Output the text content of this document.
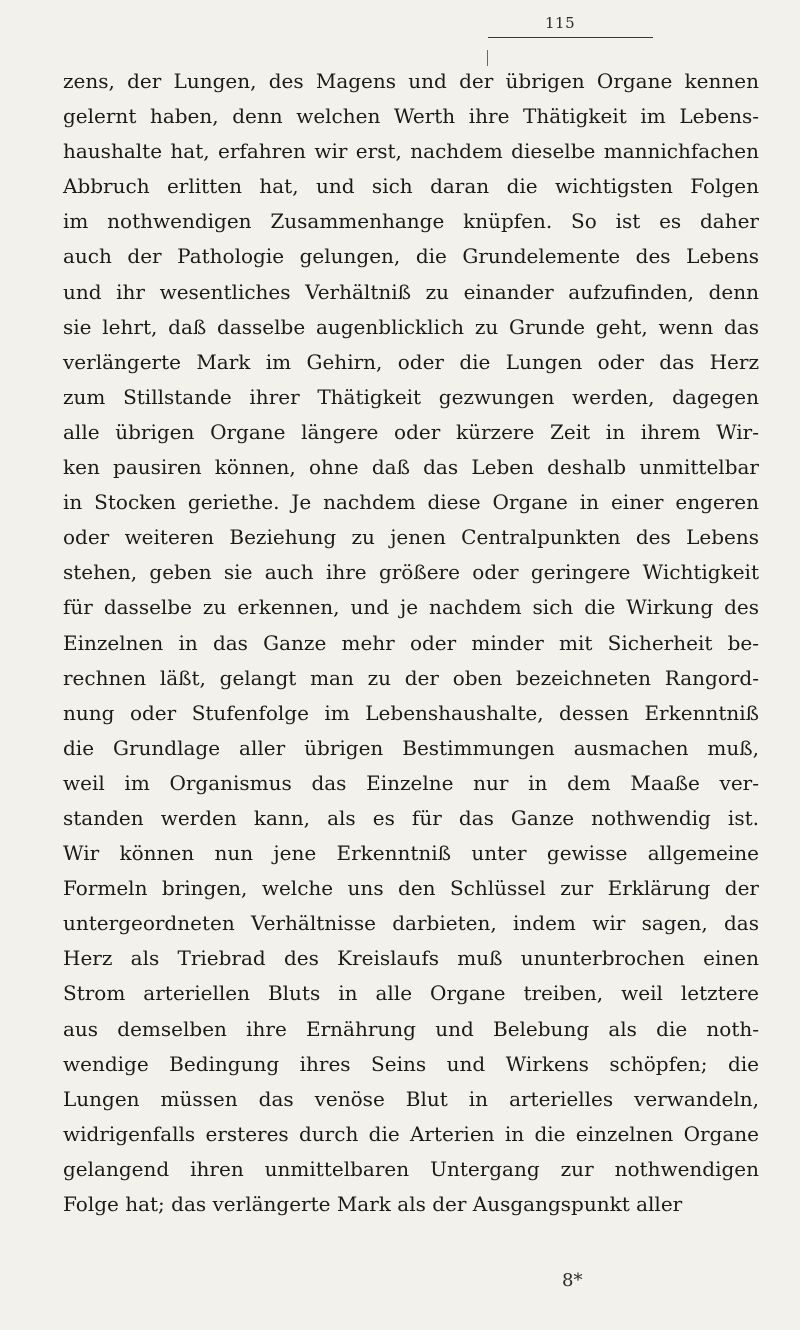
115
zens, der Lungen, des Magens und der übrigen Organe kennen
gelernt haben, denn welchen Werth ihre Thätigkeit im Lebens-
haushalte hat, erfahren wir erst, nachdem dieselbe mannichfachen
Abbruch erlitten hat, und sich daran die wichtigsten Folgen
im nothwendigen Zusammenhange knüpfen. So ist es daher
auch der Pathologie gelungen, die Grundelemente des Lebens
und ihr wesentliches Verhältniß zu einander aufzufinden, denn
sie lehrt, daß dasselbe augenblicklich zu Grunde geht, wenn das
verlängerte Mark im Gehirn, oder die Lungen oder das Herz
zum Stillstande ihrer Thätigkeit gezwungen werden, dagegen
alle übrigen Organe längere oder kürzere Zeit in ihrem Wir-
ken pausiren können, ohne daß das Leben deshalb unmittelbar
in Stocken geriethe. Je nachdem diese Organe in einer engeren
oder weiteren Beziehung zu jenen Centralpunkten des Lebens
stehen, geben sie auch ihre größere oder geringere Wichtigkeit
für dasselbe zu erkennen, und je nachdem sich die Wirkung des
Einzelnen in das Ganze mehr oder minder mit Sicherheit be-
rechnen läßt, gelangt man zu der oben bezeichneten Rangord-
nung oder Stufenfolge im Lebenshaushalte, dessen Erkenntniß
die Grundlage aller übrigen Bestimmungen ausmachen muß,
weil im Organismus das Einzelne nur in dem Maaße ver-
standen werden kann, als es für das Ganze nothwendig ist.
Wir können nun jene Erkenntniß unter gewisse allgemeine
Formeln bringen, welche uns den Schlüssel zur Erklärung der
untergeordneten Verhältnisse darbieten, indem wir sagen, das
Herz als Triebrad des Kreislaufs muß ununterbrochen einen
Strom arteriellen Bluts in alle Organe treiben, weil letztere
aus demselben ihre Ernährung und Belebung als die noth-
wendige Bedingung ihres Seins und Wirkens schöpfen; die
Lungen müssen das venöse Blut in arterielles verwandeln,
widrigenfalls ersteres durch die Arterien in die einzelnen Organe
gelangend ihren unmittelbaren Untergang zur nothwendigen
Folge hat; das verlängerte Mark als der Ausgangspunkt aller
8*
